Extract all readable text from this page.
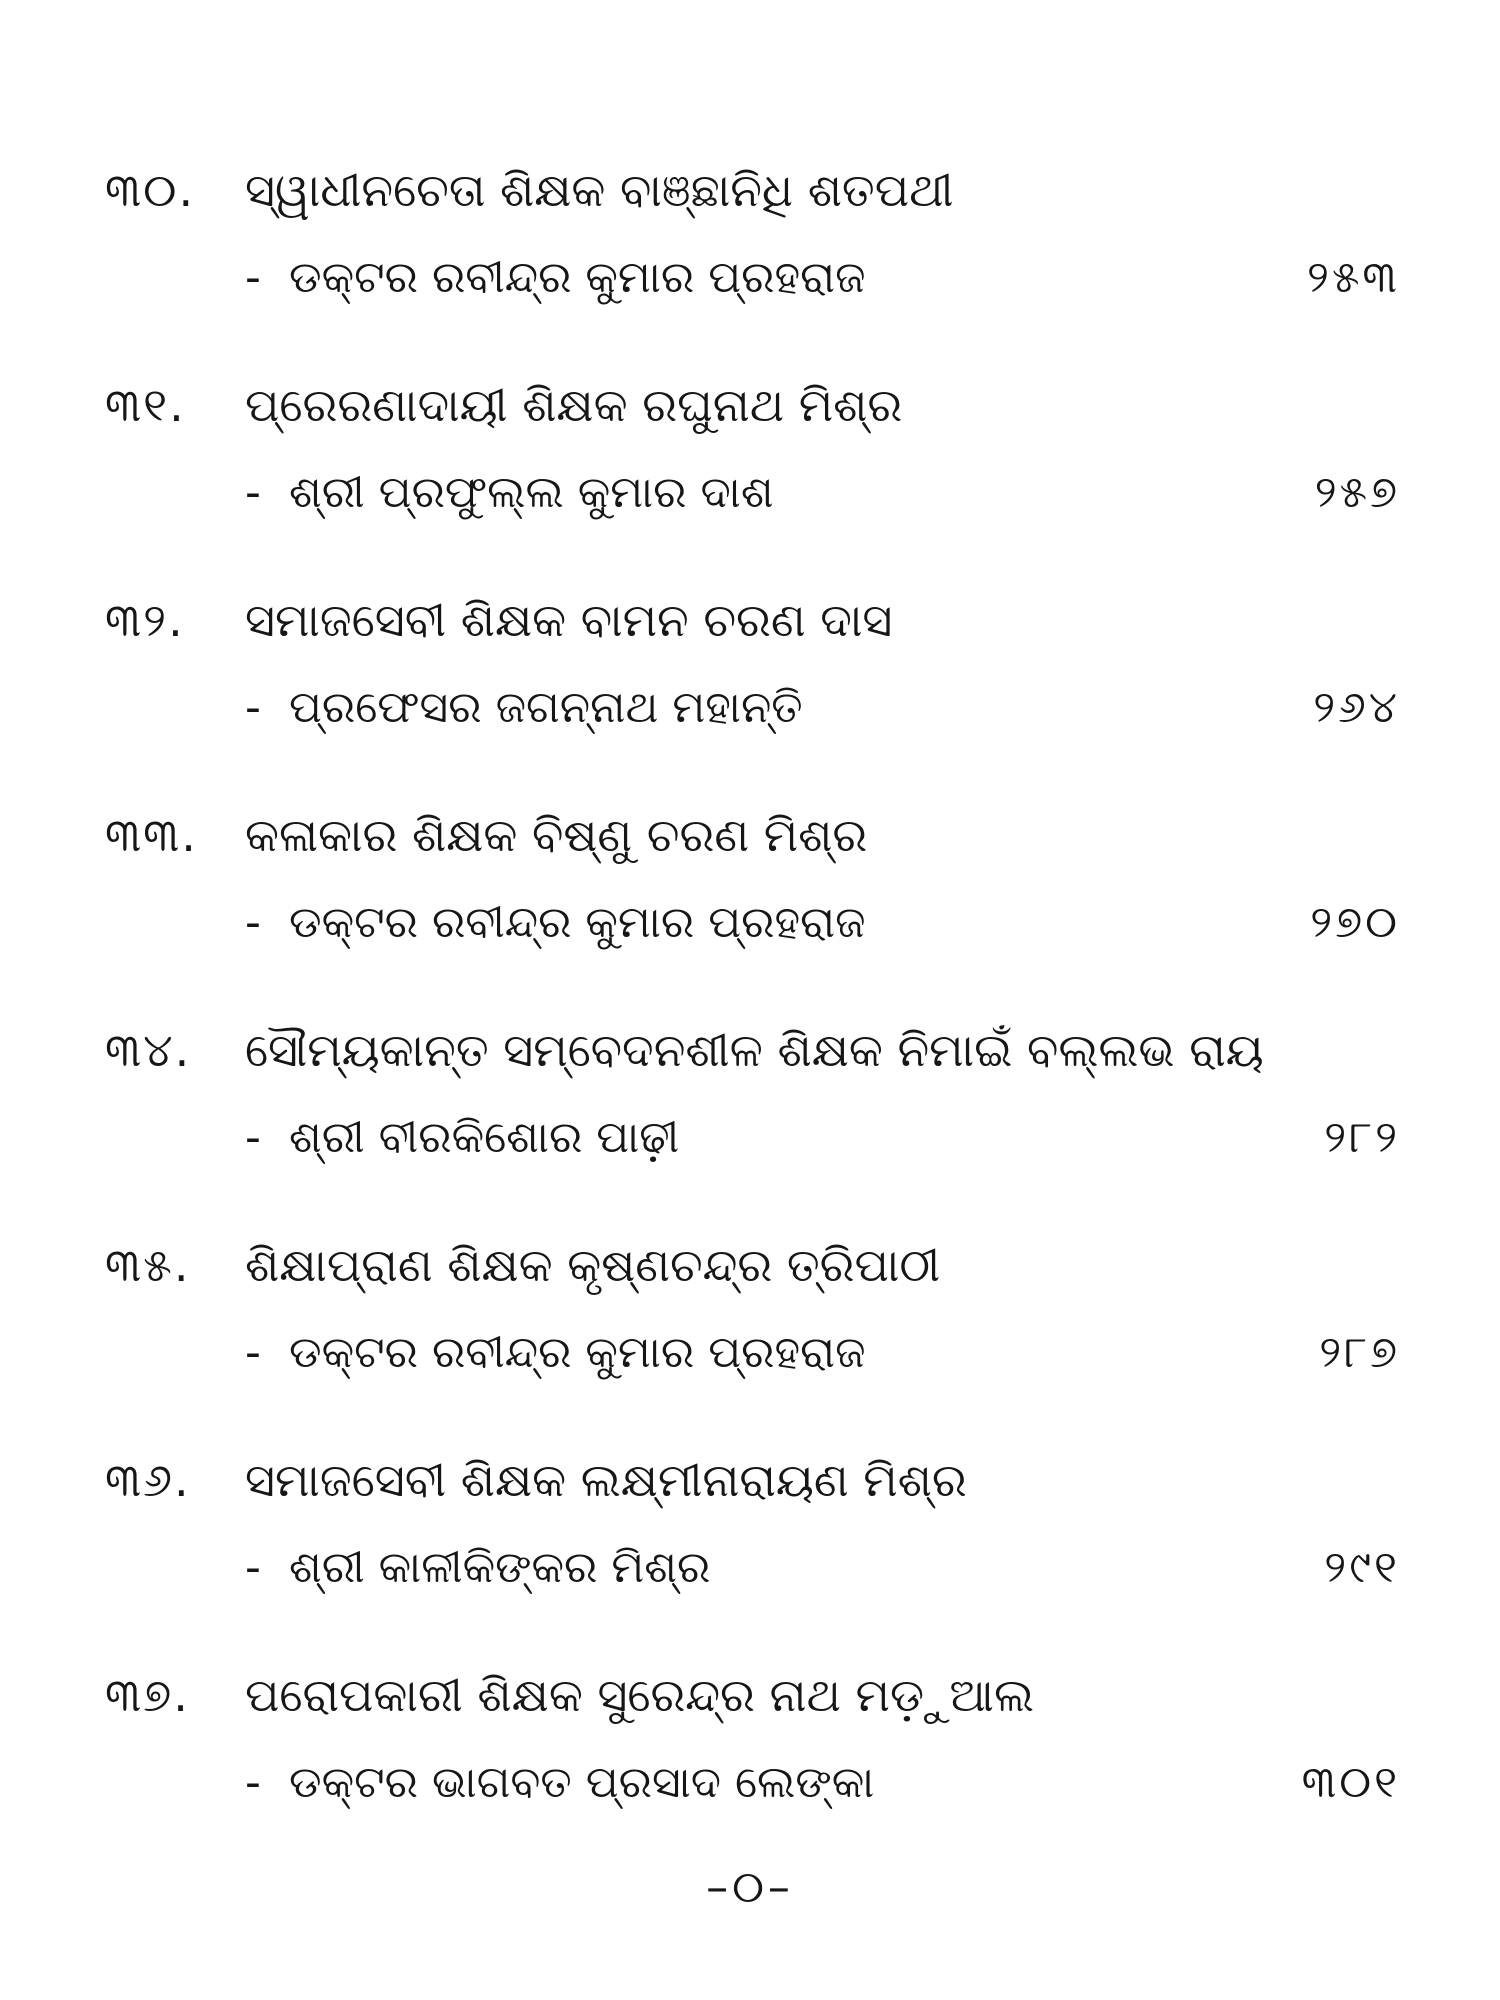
୩୦.	ସ୍ୱାଧୀନଚେତା ଶିକ୍ଷକ ବାଞ୍ଛାନିଧି ଶତପଥୀ
- ଡକ୍ଟର ରବୀନ୍ଦ୍ର କୁମାର ପ୍ରହରାଜ	୨୫୩
୩୧.	ପ୍ରେରଣାଦାୟୀ ଶିକ୍ଷକ ରଘୁନାଥ ମିଶ୍ର
- ଶ୍ରୀ ପ୍ରଫୁଲ୍ଲ କୁମାର ଦାଶ	୨୫୭
୩୨.	ସମାଜସେବୀ ଶିକ୍ଷକ ବାମନ ଚରଣ ଦାସ
- ପ୍ରଫେସର ଜଗନ୍ନାଥ ମହାନ୍ତି	୨୬୪
୩୩.	କଳାକାର ଶିକ୍ଷକ ବିଷ୍ଣୁ ଚରଣ ମିଶ୍ର
- ଡକ୍ଟର ରବୀନ୍ଦ୍ର କୁମାର ପ୍ରହରାଜ	୨୭୦
୩୪.	ସୌମ୍ୟକାନ୍ତ ସମ୍ବେଦନଶୀଳ ଶିକ୍ଷକ ନିମାଇଁ ବଲ୍ଲଭ ରାୟ
- ଶ୍ରୀ ବୀରକିଶୋର ପାଢ଼ୀ	୨୮୨
୩୫.	ଶିକ୍ଷାପ୍ରାଣ ଶିକ୍ଷକ କୃଷ୍ଣଚନ୍ଦ୍ର ତ୍ରିପାଠୀ
- ଡକ୍ଟର ରବୀନ୍ଦ୍ର କୁମାର ପ୍ରହରାଜ	୨୮୭
୩୬.	ସମାଜସେବୀ ଶିକ୍ଷକ ଲକ୍ଷ୍ମୀନାରାୟଣ ମିଶ୍ର
- ଶ୍ରୀ କାଳୀକିଙ୍କର ମିଶ୍ର	୨୯୧
୩୭.	ପରୋପକାରୀ ଶିକ୍ଷକ ସୁରେନ୍ଦ୍ର ନାଥ ମଡ଼ୁଆଲ
- ଡକ୍ଟର ଭାଗବତ ପ୍ରସାଦ ଲେଙ୍କା	୩୦୧
–୦–
